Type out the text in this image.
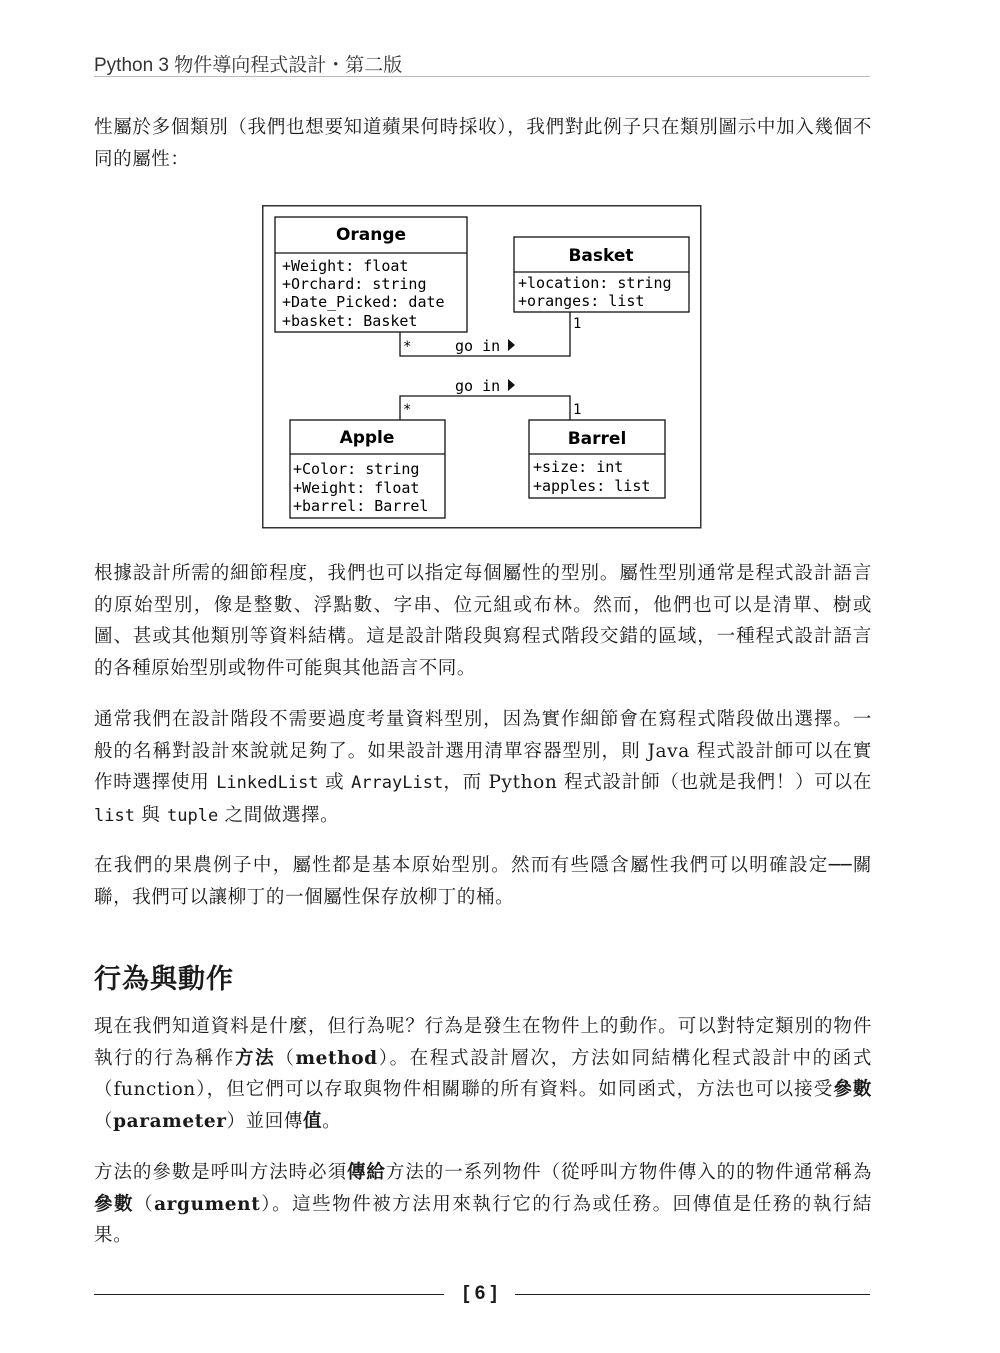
Python 3 物件導向程式設計・第二版

性屬於多個類別（我們也想要知道蘋果何時採收），我們對此例子只在類別圖示中加入幾個不同的屬性：

Orange
+Weight: float
+Orchard: string
+Date_Picked: date
+basket: Basket
Basket
+location: string
+oranges: list
*
1
go in
go in
*	1
Apple
+Color: string
+Weight: float
+barrel: Barrel
Barrel
+size: int
+apples: list

根據設計所需的細節程度，我們也可以指定每個屬性的型別。屬性型別通常是程式設計語言的原始型別，像是整數、浮點數、字串、位元組或布林。然而，他們也可以是清單、樹或圖、甚或其他類別等資料結構。這是設計階段與寫程式階段交錯的區域，一種程式設計語言的各種原始型別或物件可能與其他語言不同。

通常我們在設計階段不需要過度考量資料型別，因為實作細節會在寫程式階段做出選擇。一般的名稱對設計來說就足夠了。如果設計選用清單容器型別，則 Java 程式設計師可以在實作時選擇使用 LinkedList 或 ArrayList，而 Python 程式設計師（也就是我們！）可以在 list 與 tuple 之間做選擇。

在我們的果農例子中，屬性都是基本原始型別。然而有些隱含屬性我們可以明確設定──關聯，我們可以讓柳丁的一個屬性保存放柳丁的桶。

行為與動作

現在我們知道資料是什麼，但行為呢？行為是發生在物件上的動作。可以對特定類別的物件執行的行為稱作方法（method）。在程式設計層次，方法如同結構化程式設計中的函式（function），但它們可以存取與物件相關聯的所有資料。如同函式，方法也可以接受參數（parameter）並回傳值。

方法的參數是呼叫方法時必須傳給方法的一系列物件（從呼叫方物件傳入的的物件通常稱為參數（argument）。這些物件被方法用來執行它的行為或任務。回傳值是任務的執行結果。

[ 6 ]
